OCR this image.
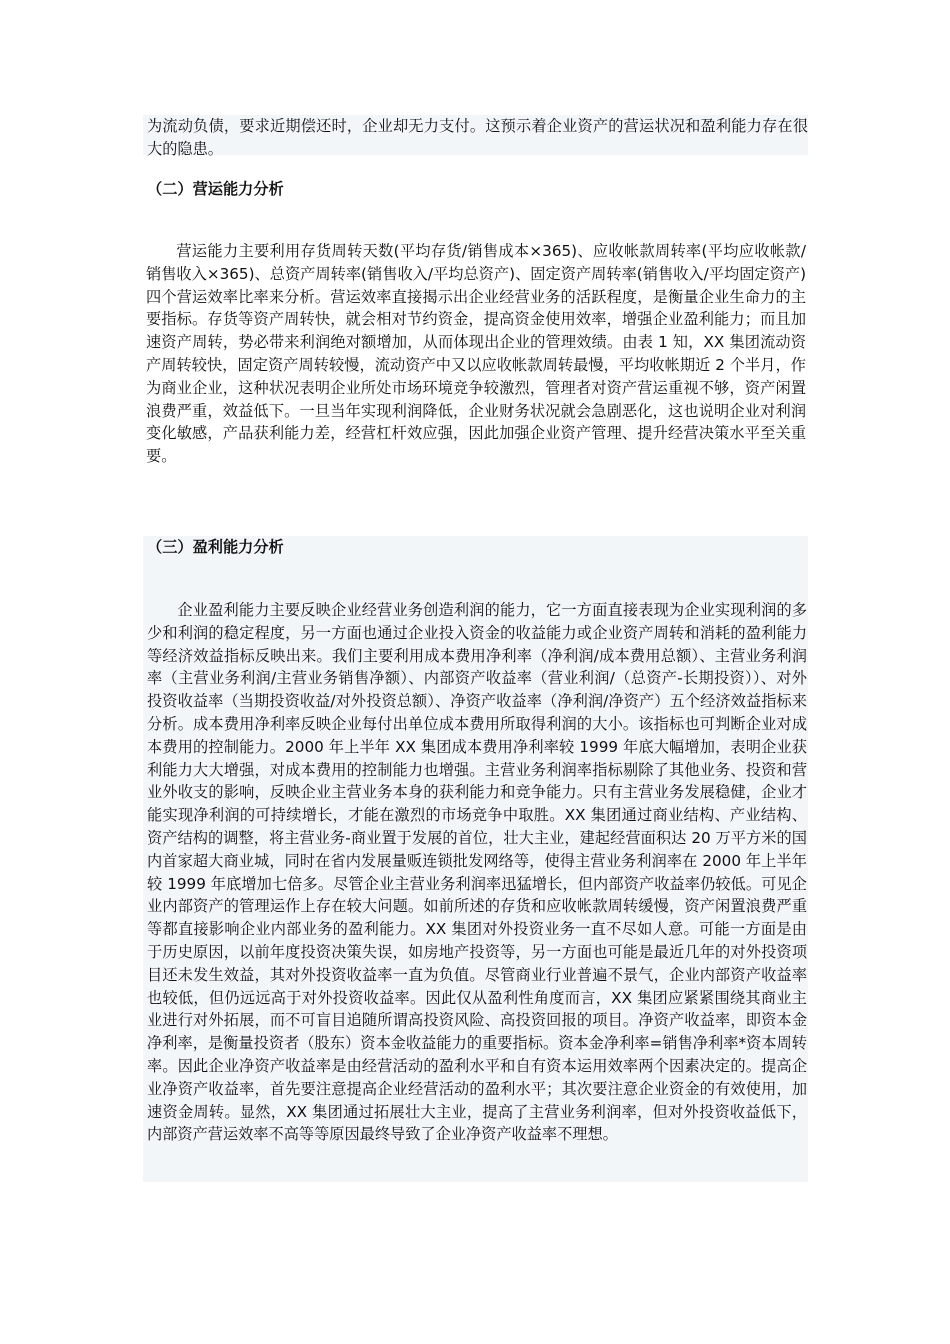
为流动负债，要求近期偿还时，企业却无力支付。这预示着企业资产的营运状况和盈利能力存在很大的隐患。
（二）营运能力分析
营运能力主要利用存货周转天数(平均存货/销售成本×365)、应收帐款周转率(平均应收帐款/销售收入×365)、总资产周转率(销售收入/平均总资产)、固定资产周转率(销售收入/平均固定资产)四个营运效率比率来分析。营运效率直接揭示出企业经营业务的活跃程度，是衡量企业生命力的主要指标。存货等资产周转快，就会相对节约资金，提高资金使用效率，增强企业盈利能力；而且加速资产周转，势必带来利润绝对额增加，从而体现出企业的管理效绩。由表 1 知，XX 集团流动资产周转较快，固定资产周转较慢，流动资产中又以应收帐款周转最慢，平均收帐期近 2 个半月，作为商业企业，这种状况表明企业所处市场环境竞争较激烈，管理者对资产营运重视不够，资产闲置浪费严重，效益低下。一旦当年实现利润降低，企业财务状况就会急剧恶化，这也说明企业对利润变化敏感，产品获利能力差，经营杠杆效应强，因此加强企业资产管理、提升经营决策水平至关重要。
（三）盈利能力分析
企业盈利能力主要反映企业经营业务创造利润的能力，它一方面直接表现为企业实现利润的多少和利润的稳定程度，另一方面也通过企业投入资金的收益能力或企业资产周转和消耗的盈利能力等经济效益指标反映出来。我们主要利用成本费用净利率（净利润/成本费用总额）、主营业务利润率（主营业务利润/主营业务销售净额）、内部资产收益率（营业利润/（总资产-长期投资））、对外投资收益率（当期投资收益/对外投资总额）、净资产收益率（净利润/净资产）五个经济效益指标来分析。成本费用净利率反映企业每付出单位成本费用所取得利润的大小。该指标也可判断企业对成本费用的控制能力。2000 年上半年 XX 集团成本费用净利率较 1999 年底大幅增加，表明企业获利能力大大增强，对成本费用的控制能力也增强。主营业务利润率指标剔除了其他业务、投资和营业外收支的影响，反映企业主营业务本身的获利能力和竞争能力。只有主营业务发展稳健，企业才能实现净利润的可持续增长，才能在激烈的市场竞争中取胜。XX 集团通过商业结构、产业结构、资产结构的调整，将主营业务-商业置于发展的首位，壮大主业，建起经营面积达 20 万平方米的国内首家超大商业城，同时在省内发展量贩连锁批发网络等，使得主营业务利润率在 2000 年上半年较 1999 年底增加七倍多。尽管企业主营业务利润率迅猛增长，但内部资产收益率仍较低。可见企业内部资产的管理运作上存在较大问题。如前所述的存货和应收帐款周转缓慢，资产闲置浪费严重等都直接影响企业内部业务的盈利能力。XX 集团对外投资业务一直不尽如人意。可能一方面是由于历史原因，以前年度投资决策失误，如房地产投资等，另一方面也可能是最近几年的对外投资项目还未发生效益，其对外投资收益率一直为负值。尽管商业行业普遍不景气，企业内部资产收益率也较低，但仍远远高于对外投资收益率。因此仅从盈利性角度而言，XX 集团应紧紧围绕其商业主业进行对外拓展，而不可盲目追随所谓高投资风险、高投资回报的项目。净资产收益率，即资本金净利率，是衡量投资者（股东）资本金收益能力的重要指标。资本金净利率=销售净利率*资本周转率。因此企业净资产收益率是由经营活动的盈利水平和自有资本运用效率两个因素决定的。提高企业净资产收益率，首先要注意提高企业经营活动的盈利水平；其次要注意企业资金的有效使用，加速资金周转。显然，XX 集团通过拓展壮大主业，提高了主营业务利润率，但对外投资收益低下，内部资产营运效率不高等等原因最终导致了企业净资产收益率不理想。
